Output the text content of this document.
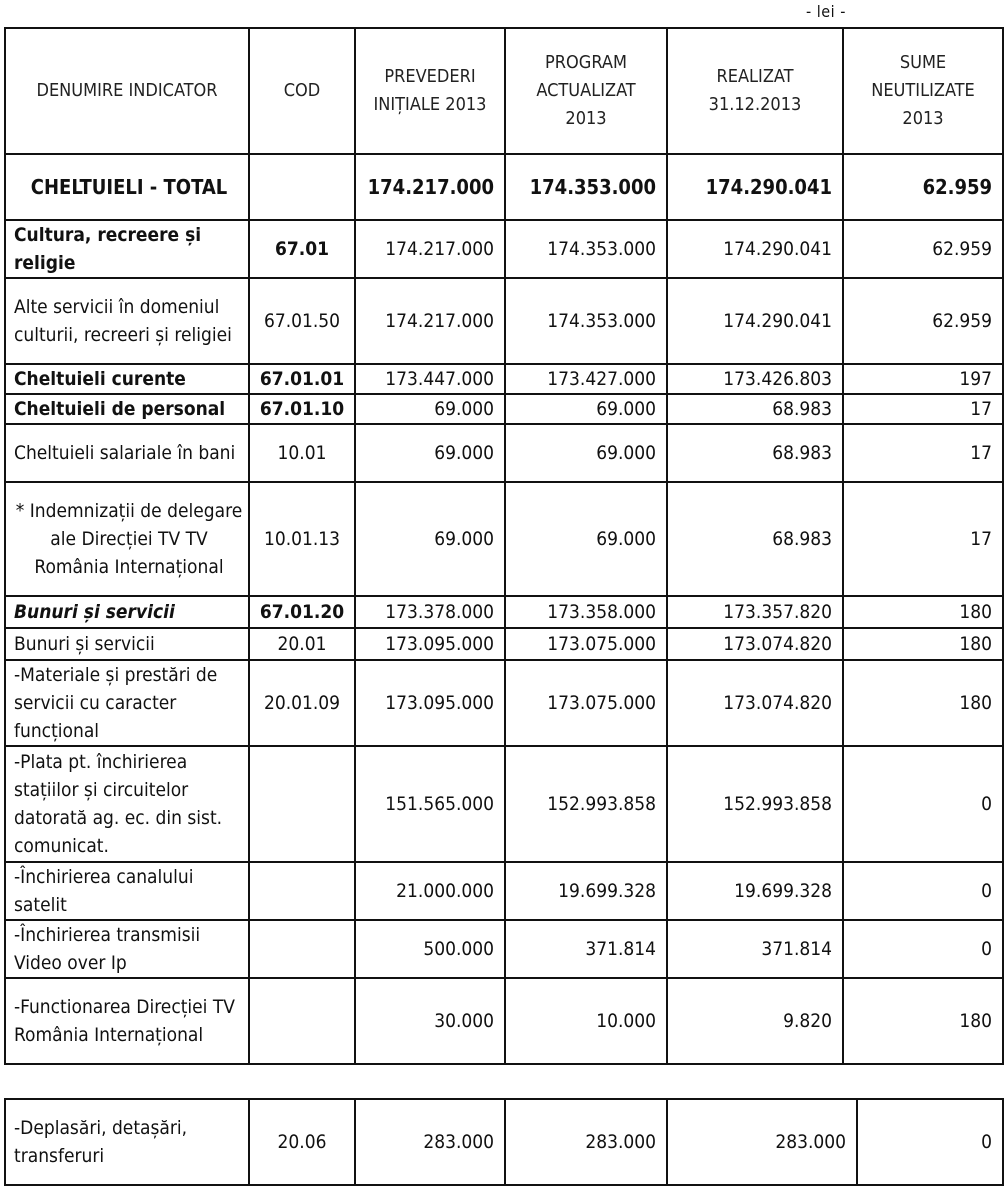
- lei -
DENUMIRE INDICATOR	COD	PREVEDERI INIȚIALE 2013	PROGRAM ACTUALIZAT 2013	REALIZAT 31.12.2013	SUME NEUTILIZATE 2013
CHELTUIELI - TOTAL		174.217.000	174.353.000	174.290.041	62.959
Cultura, recreere și religie	67.01	174.217.000	174.353.000	174.290.041	62.959
Alte servicii în domeniul culturii, recreeri și religiei	67.01.50	174.217.000	174.353.000	174.290.041	62.959
Cheltuieli curente	67.01.01	173.447.000	173.427.000	173.426.803	197
Cheltuieli de personal	67.01.10	69.000	69.000	68.983	17
Cheltuieli salariale în bani	10.01	69.000	69.000	68.983	17
* Indemnizații de delegare ale Direcției TV TV România Internațional	10.01.13	69.000	69.000	68.983	17
Bunuri și servicii	67.01.20	173.378.000	173.358.000	173.357.820	180
Bunuri și servicii	20.01	173.095.000	173.075.000	173.074.820	180
-Materiale și prestări de servicii cu caracter funcțional	20.01.09	173.095.000	173.075.000	173.074.820	180
-Plata pt. închirierea stațiilor și circuitelor datorată ag. ec. din sist. comunicat.		151.565.000	152.993.858	152.993.858	0
-Închirierea canalului satelit		21.000.000	19.699.328	19.699.328	0
-Închirierea transmisii Video over Ip		500.000	371.814	371.814	0
-Functionarea Direcției TV România Internațional		30.000	10.000	9.820	180
-Deplasări, detașări, transferuri	20.06	283.000	283.000	283.000	0
